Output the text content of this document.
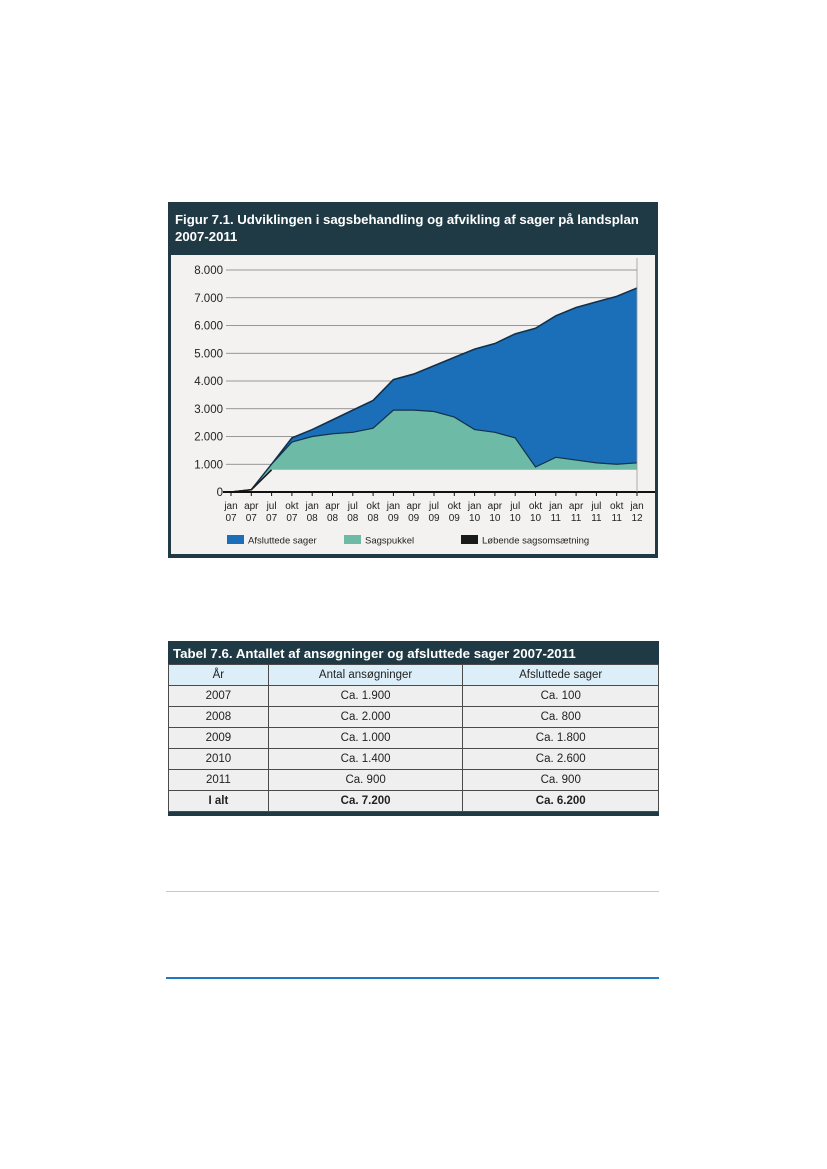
Figur 7.1. Udviklingen i sagsbehandling og afvikling af sager på landsplan 2007-2011
8.000
7.000
6.000
5.000
4.000
3.000
2.000
1.000
0
jan
07
apr
07
jul
07
okt
07
jan
08
apr
08
jul
08
okt
08
jan
09
apr
09
jul
09
okt
09
jan
10
apr
10
jul
10
okt
10
jan
11
apr
11
jul
11
okt
11
jan
12
Afsluttede sager	Sagspukkel	Løbende sagsomsætning
Tabel 7.6. Antallet af ansøgninger og afsluttede sager 2007-2011
År	Antal ansøgninger	Afsluttede sager
2007	Ca. 1.900	Ca. 100
2008	Ca. 2.000	Ca. 800
2009	Ca. 1.000	Ca. 1.800
2010	Ca. 1.400	Ca. 2.600
2011	Ca. 900	Ca. 900
I alt	Ca. 7.200	Ca. 6.200
